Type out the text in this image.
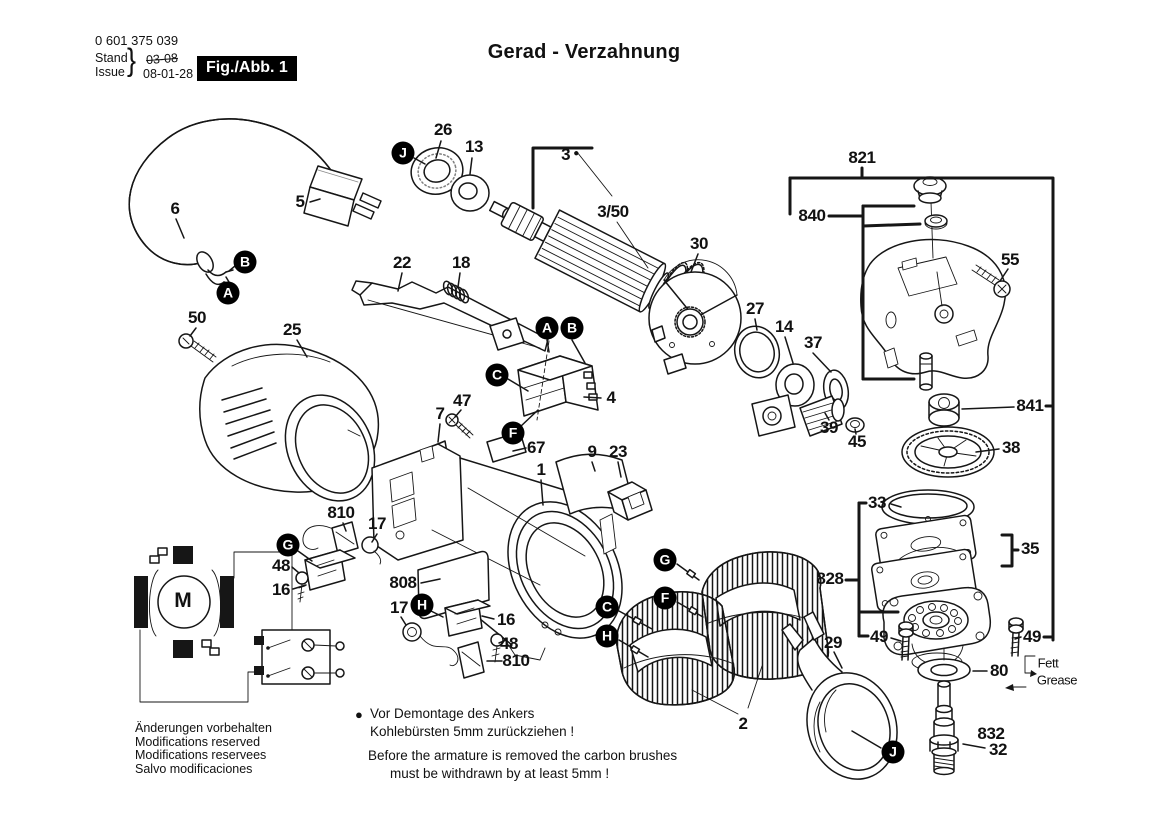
0 601 375 039
Stand
Issue } 03-08
08-01-28 Fig./Abb. 1
Gerad - Verzahnung
26
13	3 ●
3/50
5
6
22 18
30
27
14
37
821
840
55
50
25
4
39
45
841
7
47
67	38
1
9 23
33
35
810
17
48
16	808	828
17
16
48
810
49	49
29
80
2
832
32
Fett
Grease
J
B
A
A	B
C
F
G
H
G
F
C
H
J
M
Änderungen vorbehalten
Modifications reserved
Modifications reservees
Salvo modificaciones
● Vor Demontage des Ankers
Kohlebürsten 5mm zurückziehen !
Before the armature is removed the carbon brushes
must be withdrawn by at least 5mm !
